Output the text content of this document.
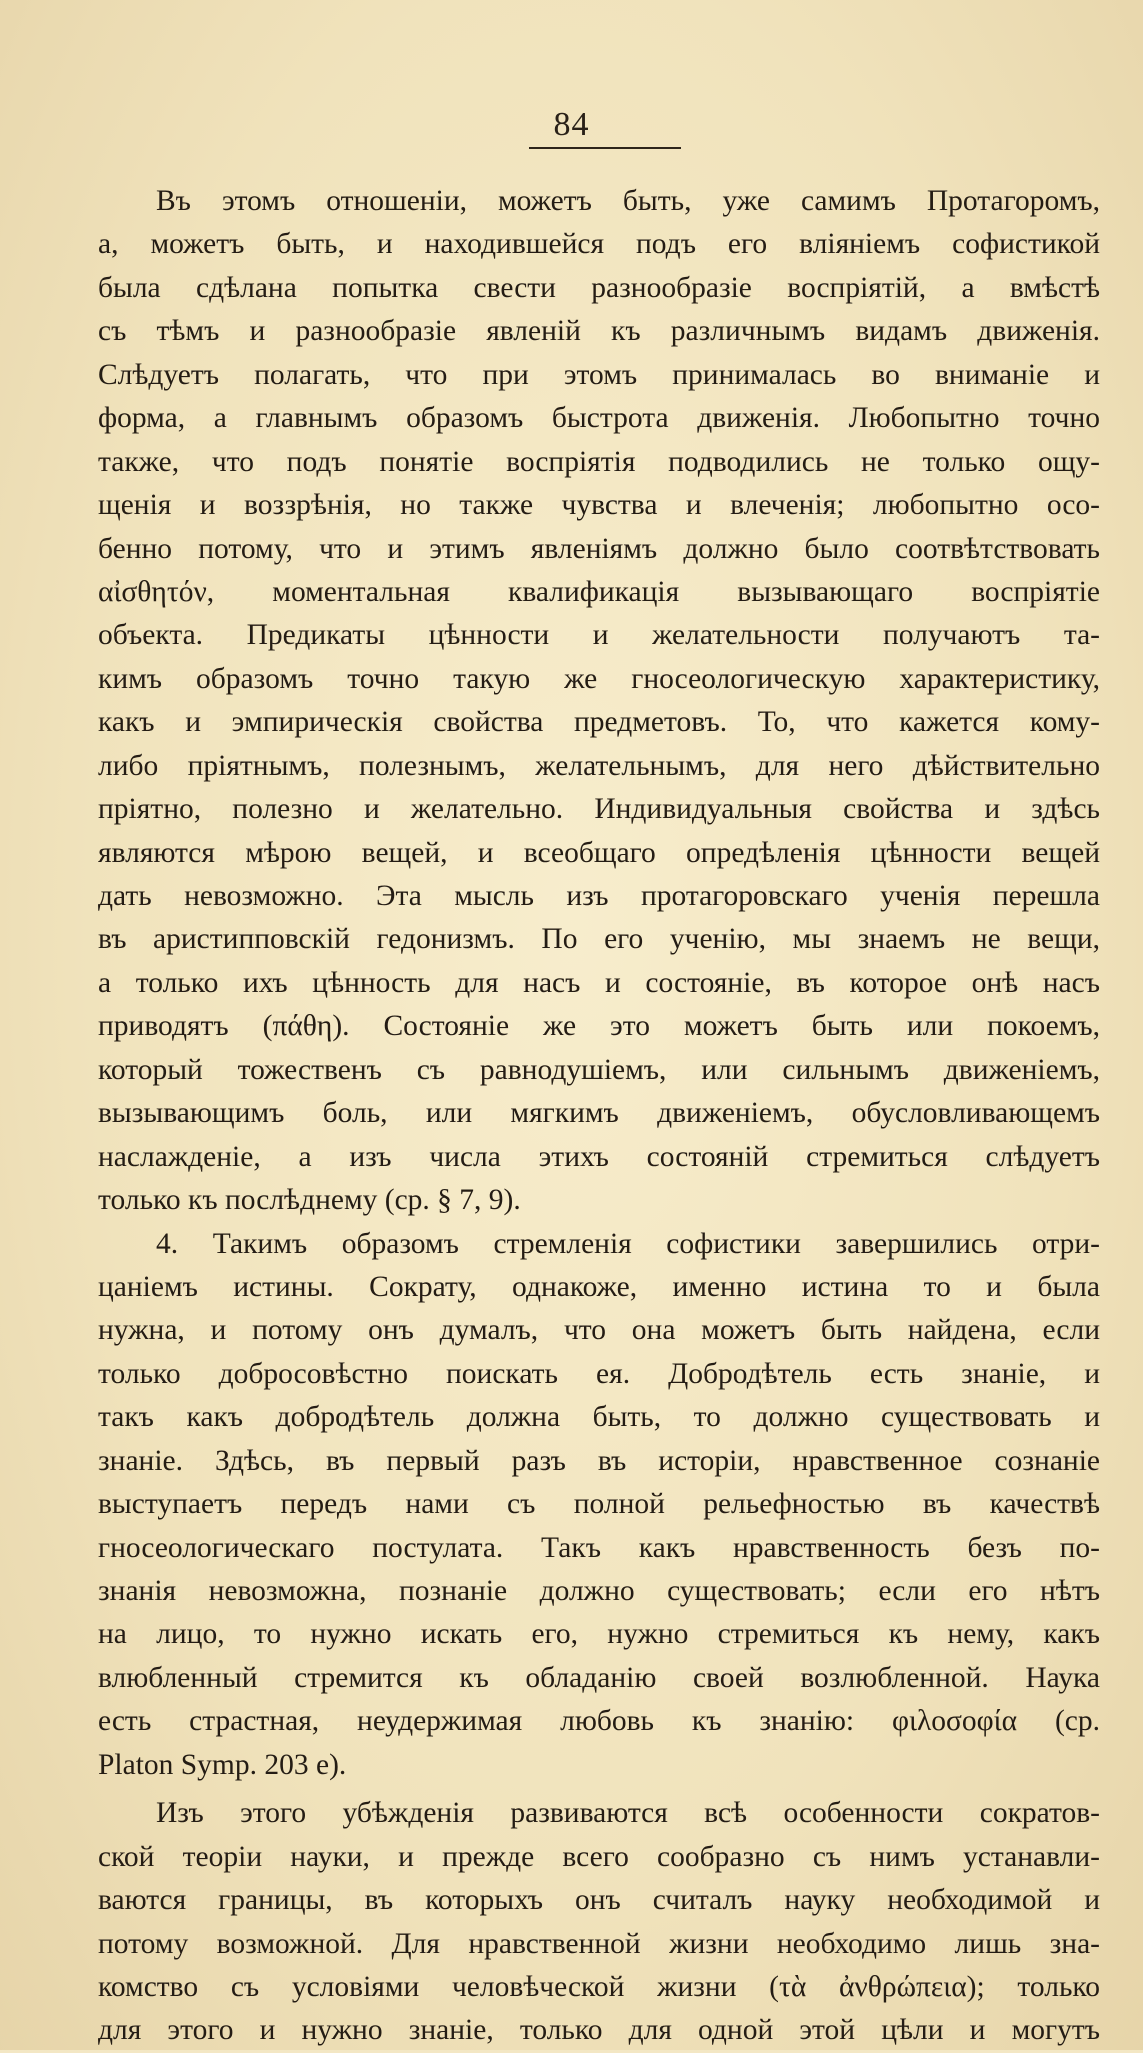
84
Въ этомъ отношеніи, можетъ быть, уже самимъ Протагоромъ,
а, можетъ быть, и находившейся подъ его вліяніемъ софистикой
была сдѣлана попытка свести разнообразіе воспріятій, а вмѣстѣ
съ тѣмъ и разнообразіе явленій къ различнымъ видамъ движенія.
Слѣдуетъ полагать, что при этомъ принималась во вниманіе и
форма, а главнымъ образомъ быстрота движенія. Любопытно точно
также, что подъ понятіе воспріятія подводились не только ощу-
щенія и воззрѣнія, но также чувства и влеченія; любопытно осо-
бенно потому, что и этимъ явленіямъ должно было соотвѣтствовать
αἰσθητόν, моментальная квалификація вызывающаго воспріятіе
объекта. Предикаты цѣнности и желательности получаютъ та-
кимъ образомъ точно такую же гносеологическую характеристику,
какъ и эмпирическія свойства предметовъ. То, что кажется кому-
либо пріятнымъ, полезнымъ, желательнымъ, для него дѣйствительно
пріятно, полезно и желательно. Индивидуальныя свойства и здѣсь
являются мѣрою вещей, и всеобщаго опредѣленія цѣнности вещей
дать невозможно. Эта мысль изъ протагоровскаго ученія перешла
въ аристипповскій гедонизмъ. По его ученію, мы знаемъ не вещи,
а только ихъ цѣнность для насъ и состояніе, въ которое онѣ насъ
приводятъ (πάθη). Состояніе же это можетъ быть или покоемъ,
который тожественъ съ равнодушіемъ, или сильнымъ движеніемъ,
вызывающимъ боль, или мягкимъ движеніемъ, обусловливающемъ
наслажденіе, а изъ числа этихъ состояній стремиться слѣдуетъ
только къ послѣднему (ср. § 7, 9).
4. Такимъ образомъ стремленія софистики завершились отри-
цаніемъ истины. Сократу, однакоже, именно истина то и была
нужна, и потому онъ думалъ, что она можетъ быть найдена, если
только добросовѣстно поискать ея. Добродѣтель есть знаніе, и
такъ какъ добродѣтель должна быть, то должно существовать и
знаніе. Здѣсь, въ первый разъ въ исторіи, нравственное сознаніе
выступаетъ передъ нами съ полной рельефностью въ качествѣ
гносеологическаго постулата. Такъ какъ нравственность безъ по-
знанія невозможна, познаніе должно существовать; если его нѣтъ
на лицо, то нужно искать его, нужно стремиться къ нему, какъ
влюбленный стремится къ обладанію своей возлюбленной. Наука
есть страстная, неудержимая любовь къ знанію: φιλοσοφία (ср.
Platon Symp. 203 e).
Изъ этого убѣжденія развиваются всѣ особенности сократов-
ской теоріи науки, и прежде всего сообразно съ нимъ устанавли-
ваются границы, въ которыхъ онъ считалъ науку необходимой и
потому возможной. Для нравственной жизни необходимо лишь зна-
комство съ условіями человѣческой жизни (τὰ ἀνθρώπεια); только
для этого и нужно знаніе, только для одной этой цѣли и могутъ
